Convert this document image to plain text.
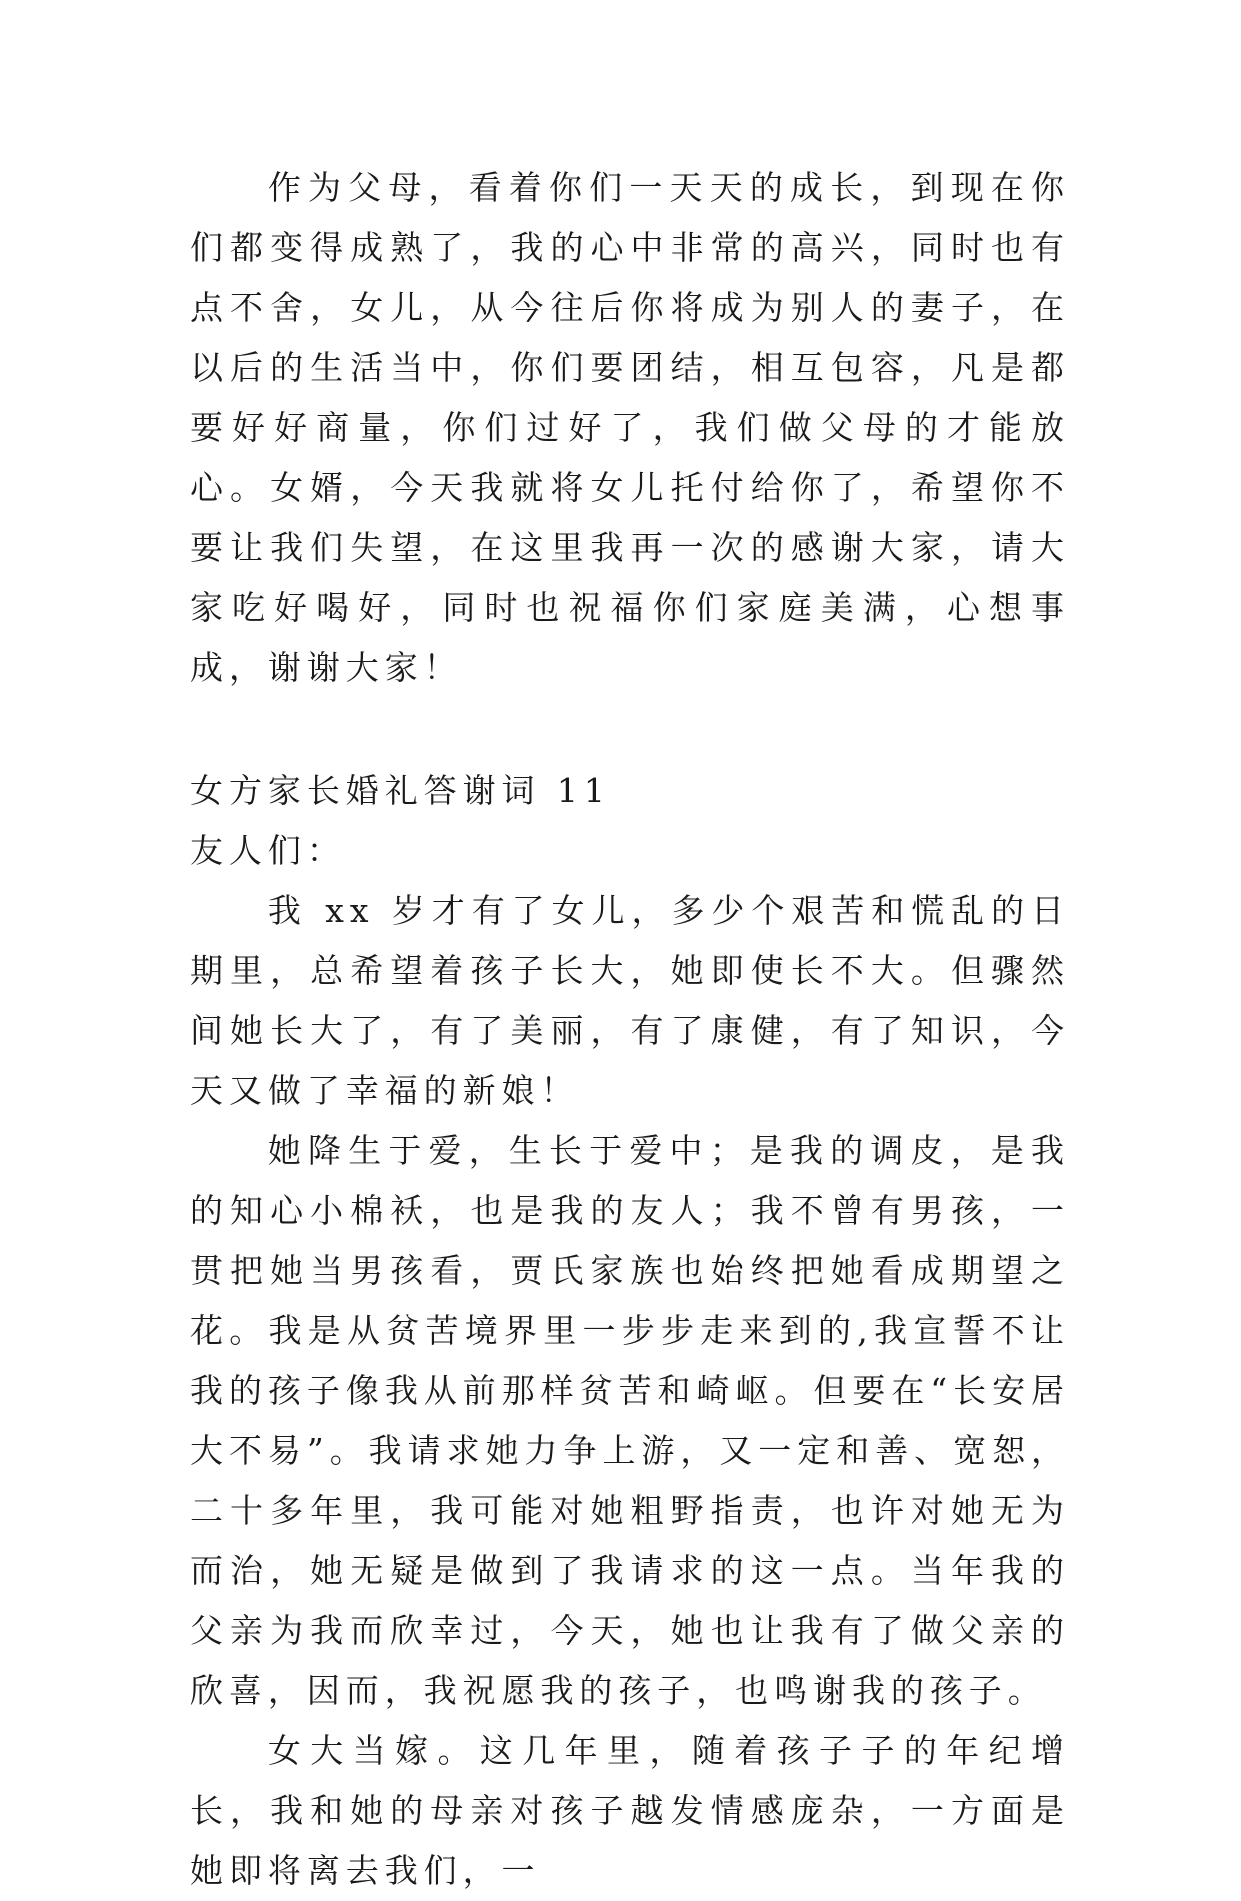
作为父母，看着你们一天天的成长，到现在你们都变得成熟了，我的心中非常的高兴，同时也有点不舍，女儿，从今往后你将成为别人的妻子，在以后的生活当中，你们要团结，相互包容，凡是都要好好商量，你们过好了，我们做父母的才能放心。女婿，今天我就将女儿托付给你了，希望你不要让我们失望，在这里我再一次的感谢大家，请大家吃好喝好，同时也祝福你们家庭美满，心想事成，谢谢大家！

女方家长婚礼答谢词 11

友人们：

我 xx 岁才有了女儿，多少个艰苦和慌乱的日期里，总希望着孩子长大，她即使长不大。但骤然间她长大了，有了美丽，有了康健，有了知识，今天又做了幸福的新娘！

她降生于爱，生长于爱中；是我的调皮，是我的知心小棉袄，也是我的友人；我不曾有男孩，一贯把她当男孩看，贾氏家族也始终把她看成期望之花。我是从贫苦境界里一步步走来到的,我宣誓不让我的孩子像我从前那样贫苦和崎岖。但要在“长安居大不易”。我请求她力争上游，又一定和善、宽恕，二十多年里，我可能对她粗野指责，也许对她无为而治，她无疑是做到了我请求的这一点。当年我的父亲为我而欣幸过，今天，她也让我有了做父亲的欣喜，因而，我祝愿我的孩子，也鸣谢我的孩子。

女大当嫁。这几年里，随着孩子子的年纪增长，我和她的母亲对孩子越发情感庞杂，一方面是她即将离去我们，一
